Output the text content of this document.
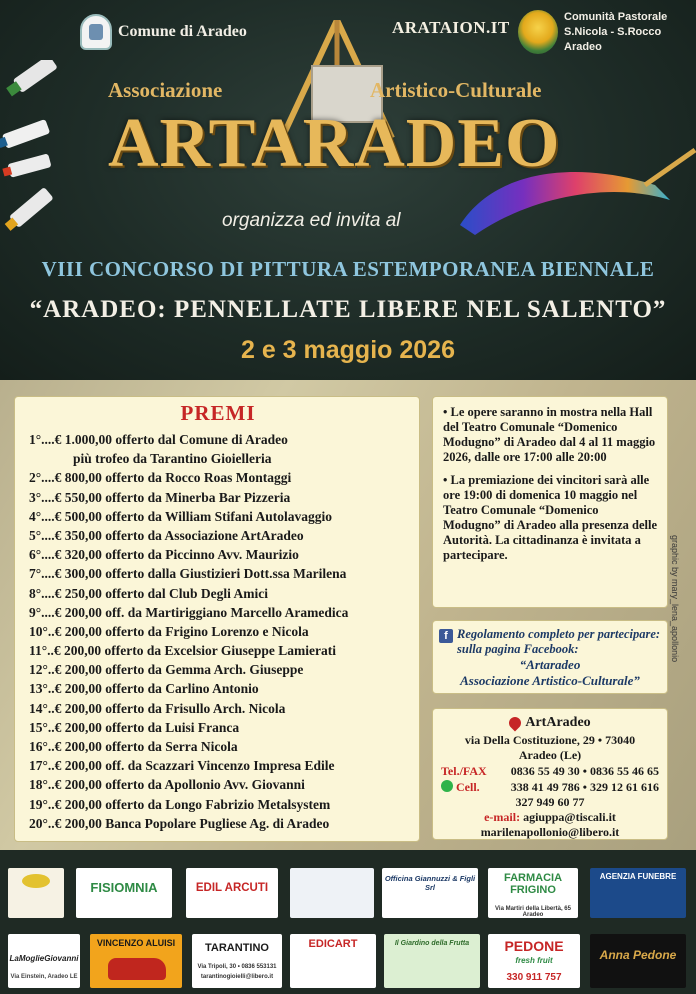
Comune di Aradeo	ARATAION.IT
Comunità Pastorale
S.Nicola - S.Rocco
Aradeo
Associazione	Artistico-Culturale
ARTARADEO
organizza ed invita al
VIII CONCORSO DI PITTURA ESTEMPORANEA BIENNALE
“ARADEO: PENNELLATE LIBERE NEL SALENTO”
2 e 3 maggio 2026
PREMI
1°....€ 1.000,00 offerto dal Comune di Aradeo
più trofeo da Tarantino Gioielleria
2°....€ 800,00 offerto da Rocco Roas Montaggi
3°....€ 550,00 offerto da Minerba Bar Pizzeria
4°....€ 500,00 offerto da William Stifani Autolavaggio
5°....€ 350,00 offerto da Associazione ArtAradeo
6°....€ 320,00 offerto da Piccinno Avv. Maurizio
7°....€ 300,00 offerto dalla Giustizieri Dott.ssa Marilena
8°....€ 250,00 offerto dal Club Degli Amici
9°....€ 200,00 off. da Martiriggiano Marcello Aramedica
10°..€ 200,00 offerto da Frigino Lorenzo e Nicola
11°..€ 200,00 offerto da Excelsior Giuseppe Lamierati
12°..€ 200,00 offerto da Gemma Arch. Giuseppe
13°..€ 200,00 offerto da Carlino Antonio
14°..€ 200,00 offerto da Frisullo Arch. Nicola
15°..€ 200,00 offerto da Luisi Franca
16°..€ 200,00 offerto da Serra Nicola
17°..€ 200,00 off. da Scazzari Vincenzo Impresa Edile
18°..€ 200,00 offerto da Apollonio Avv. Giovanni
19°..€ 200,00 offerto da Longo Fabrizio Metalsystem
20°..€ 200,00 Banca Popolare Pugliese Ag. di Aradeo

• Le opere saranno in mostra nella Hall del Teatro Comunale “Domenico Modugno” di Aradeo dal 4 al 11 maggio 2026, dalle ore 17:00 alle 20:00

• La premiazione dei vincitori sarà alle ore 19:00 di domenica 10 maggio nel Teatro Comunale “Domenico Modugno” di Aradeo alla presenza delle Autorità. La cittadinanza è invitata a partecipare.

f Regolamento completo per partecipare: sulla pagina Facebook:
“Artaradeo
Associazione Artistico-Culturale”
ArtAradeo
via Della Costituzione, 29 • 73040
Aradeo (Le)
Tel./FAX 0836 55 49 30 • 0836 55 46 65
Cell.	338 41 49 786 • 329 12 61 616
327 949 60 77
e-mail: agiuppa@tiscali.it
marilenapollonio@libero.it
graphic by mary_lena_apollonio
FISIOMNIA	EDIL ARCUTI
Officina Giannuzzi & Figli Srl
FARMACIA FRIGINO
Via Martiri della Libertà, 65 Aradeo
AGENZIA FUNEBRE
LaMoglieGiovanni
Via Einstein, Aradeo LE
VINCENZO ALUISI	TARANTINO
Via Tripoli, 30 • 0836 553131
tarantinogioielli@libero.it
EDICART	Il Giardino della Frutta	PEDONE
fresh fruit
330 911 757
Anna Pedone
